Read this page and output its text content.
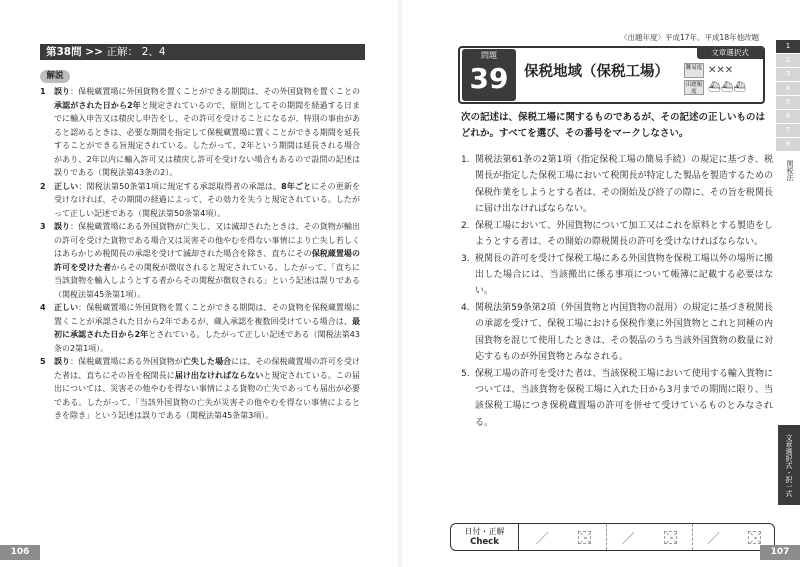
第38問 >> 正解： 2、4
解説
1	誤り：保税蔵置場に外国貨物を置くことができる期間は、その外国貨物を置くことの承認がされた日から2年と規定されているので、原則としてその期間を経過する日までに輸入申告又は積戻し申告をし、その許可を受けることになるが、特別の事由があると認めるときは、必要な期間を指定して保税蔵置場に置くことができる期間を延長することができる旨規定されている。したがって、2年という期間は延長される場合があり、2年以内に輸入許可又は積戻し許可を受けない場合もあるので設問の記述は誤りである（関税法第43条の2）。
2	正しい：関税法第50条第1項に規定する承認取得者の承認は、8年ごとにその更新を受けなければ、その期間の経過によって、その効力を失うと規定されている。したがって正しい記述である（関税法第50条第4項）。
3	誤り：保税蔵置場にある外国貨物が亡失し、又は滅却されたときは、その貨物が輸出の許可を受けた貨物である場合又は災害その他やむを得ない事情により亡失し若しくはあらかじめ税関長の承認を受けて滅却された場合を除き、直ちにその保税蔵置場の許可を受けた者からその関税が徴収されると規定されている。したがって、「直ちに当該貨物を輸入しようとする者からその関税が徴収される」という記述は誤りである（関税法第45条第1項）。
4	正しい：保税蔵置場に外国貨物を置くことができる期間は、その貨物を保税蔵置場に置くことが承認された日から2年であるが、蔵入承認を複数回受けている場合は、最初に承認された日から2年とされている。したがって正しい記述である（関税法第43条の2第1項）。
5	誤り：保税蔵置場にある外国貨物が亡失した場合には、その保税蔵置場の許可を受けた者は、直ちにその旨を税関長に届け出なければならないと規定されている。この届出については、災害その他やむを得ない事情による貨物の亡失であっても届出が必要である。したがって、「当該外国貨物の亡失が災害その他やむを得ない事情によるときを除き」という記述は誤りである（関税法第45条第3項）。
106
〈出題年度〉平成17年、平成18年他改題
問題
39	保税地域（保税工場）
文章選択式
難易度 ✕✕✕
出題頻度	⛴⛴⛴
次の記述は、保税工場に関するものであるが、その記述の正しいものはどれか。すべてを選び、その番号をマークしなさい。
1. 関税法第61条の2第1項（指定保税工場の簡易手続）の規定に基づき、税関長が指定した保税工場において税関長が特定した製品を製造するための保税作業をしようとする者は、その開始及び終了の際に、その旨を税関長に届け出なければならない。
2. 保税工場において、外国貨物について加工又はこれを原料とする製造をしようとする者は、その開始の際税関長の許可を受けなければならない。
3. 税関長の許可を受けて保税工場にある外国貨物を保税工場以外の場所に搬出した場合には、当該搬出に係る事項について帳簿に記載する必要はない。
4. 関税法第59条第2項（外国貨物と内国貨物の混用）の規定に基づき税関長の承認を受けて、保税工場における保税作業に外国貨物とこれと同種の内国貨物を混じて使用したときは、その製品のうち当該外国貨物の数量に対応するものが外国貨物とみなされる。
5. 保税工場の許可を受けた者は、当該保税工場において使用する輸入貨物については、当該貨物を保税工場に入れた日から3月までの期間に限り、当該保税工場につき保税蔵置場の許可を併せて受けているものとみなされる。
日付・正解
Check	／	／	／
1
2
3
4
5
6
7
8
関税法
文章選択式・択一式
107
